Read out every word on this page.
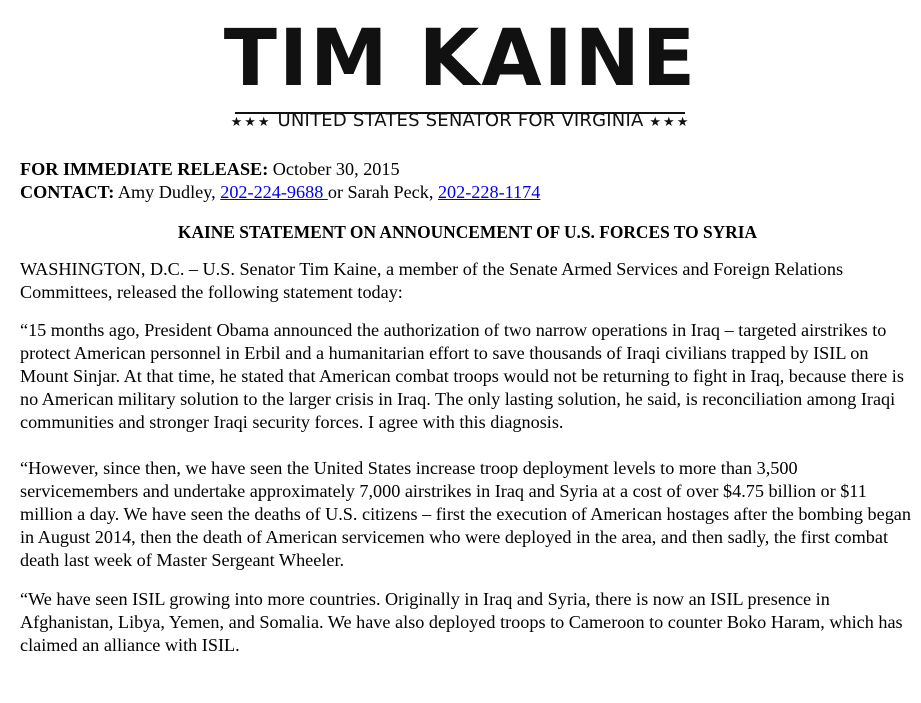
TIM KAINE
★★★ UNITED STATES SENATOR FOR VIRGINIA ★★★
FOR IMMEDIATE RELEASE: October 30, 2015
CONTACT: Amy Dudley, 202-224-9688 or Sarah Peck, 202-228-1174
KAINE STATEMENT ON ANNOUNCEMENT OF U.S. FORCES TO SYRIA

WASHINGTON, D.C. – U.S. Senator Tim Kaine, a member of the Senate Armed Services and Foreign Relations Committees, released the following statement today:

“15 months ago, President Obama announced the authorization of two narrow operations in Iraq – targeted airstrikes to protect American personnel in Erbil and a humanitarian effort to save thousands of Iraqi civilians trapped by ISIL on Mount Sinjar. At that time, he stated that American combat troops would not be returning to fight in Iraq, because there is no American military solution to the larger crisis in Iraq. The only lasting solution, he said, is reconciliation among Iraqi communities and stronger Iraqi security forces. I agree with this diagnosis.

“However, since then, we have seen the United States increase troop deployment levels to more than 3,500 servicemembers and undertake approximately 7,000 airstrikes in Iraq and Syria at a cost of over $4.75 billion or $11 million a day. We have seen the deaths of U.S. citizens – first the execution of American hostages after the bombing began in August 2014, then the death of American servicemen who were deployed in the area, and then sadly, the first combat death last week of Master Sergeant Wheeler.

“We have seen ISIL growing into more countries. Originally in Iraq and Syria, there is now an ISIL presence in Afghanistan, Libya, Yemen, and Somalia. We have also deployed troops to Cameroon to counter Boko Haram, which has claimed an alliance with ISIL.
